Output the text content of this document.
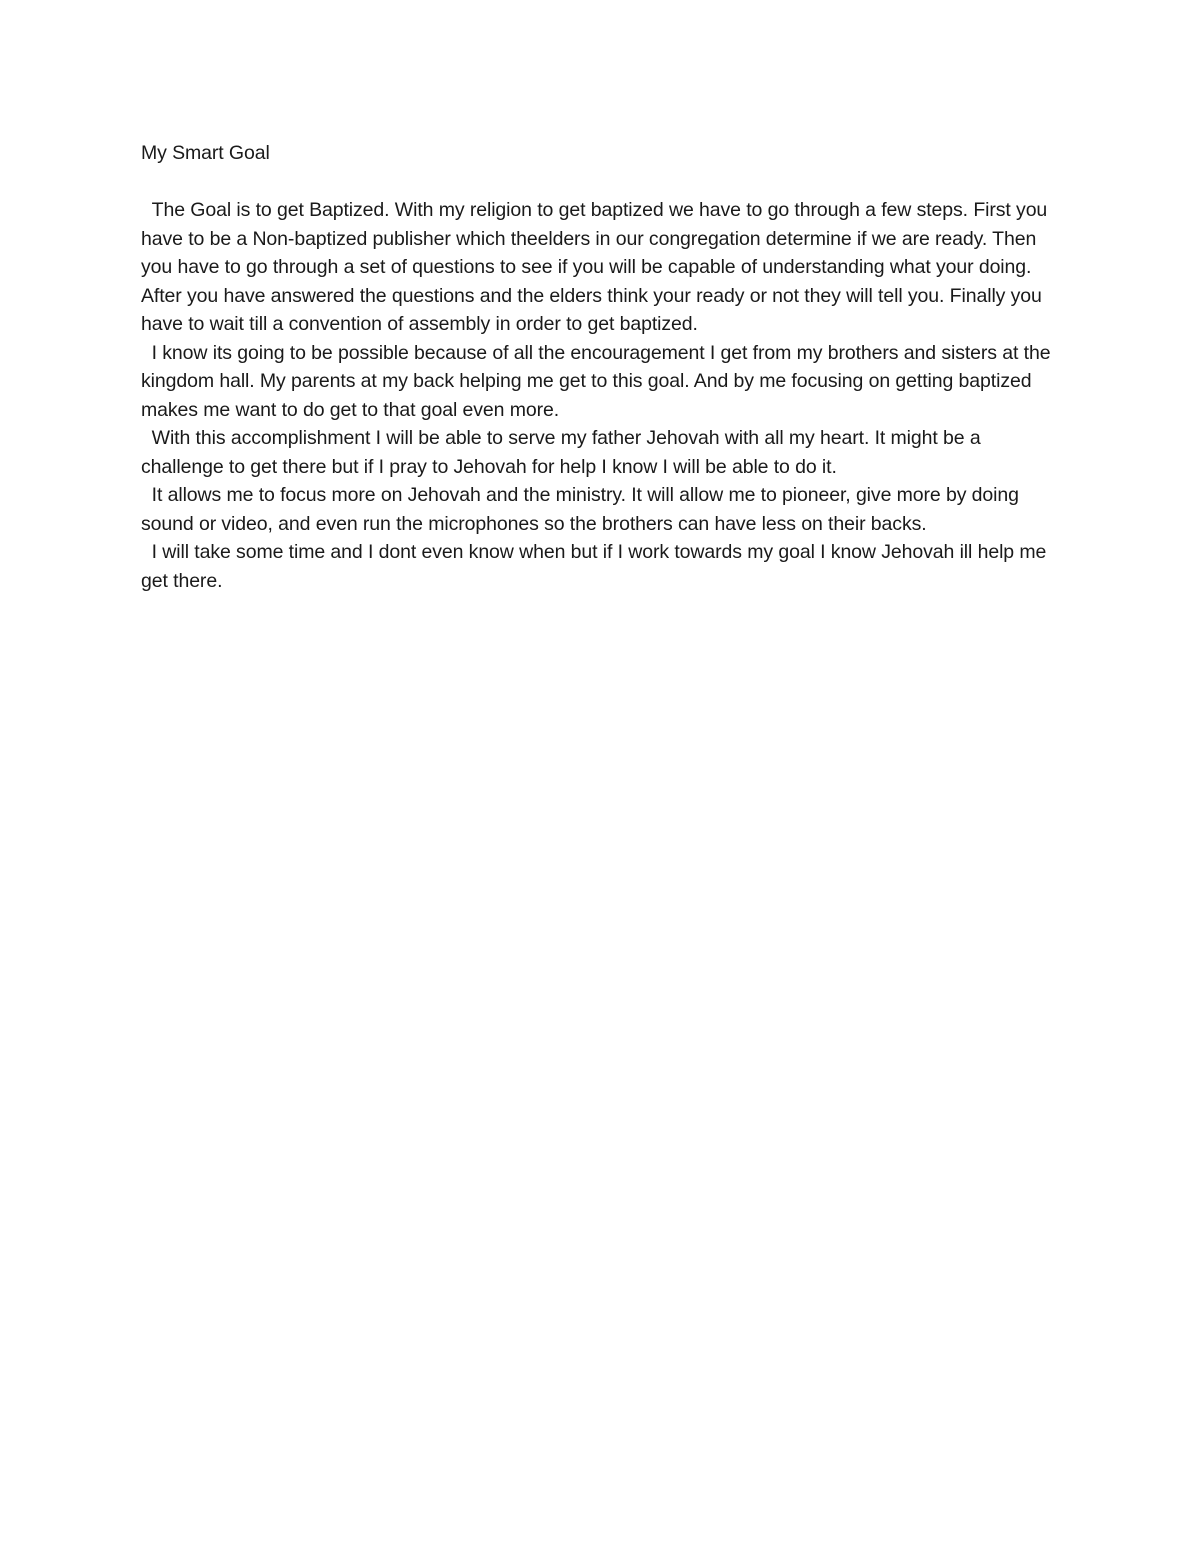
My Smart Goal

The Goal is to get Baptized. With my religion to get baptized we have to go through a few steps. First you have to be a Non-baptized publisher which theelders in our congregation determine if we are ready. Then you have to go through a set of questions to see if you will be capable of understanding what your doing. After you have answered the questions and the elders think your ready or not they will tell you. Finally you have to wait till a convention of assembly in order to get baptized.

I know its going to be possible because of all the encouragement I get from my brothers and sisters at the kingdom hall. My parents at my back helping me get to this goal. And by me focusing on getting baptized makes me want to do get to that goal even more.

With this accomplishment I will be able to serve my father Jehovah with all my heart. It might be a challenge to get there but if I pray to Jehovah for help I know I will be able to do it.

It allows me to focus more on Jehovah and the ministry. It will allow me to pioneer, give more by doing sound or video, and even run the microphones so the brothers can have less on their backs.

I will take some time and I dont even know when but if I work towards my goal I know Jehovah ill help me get there.
